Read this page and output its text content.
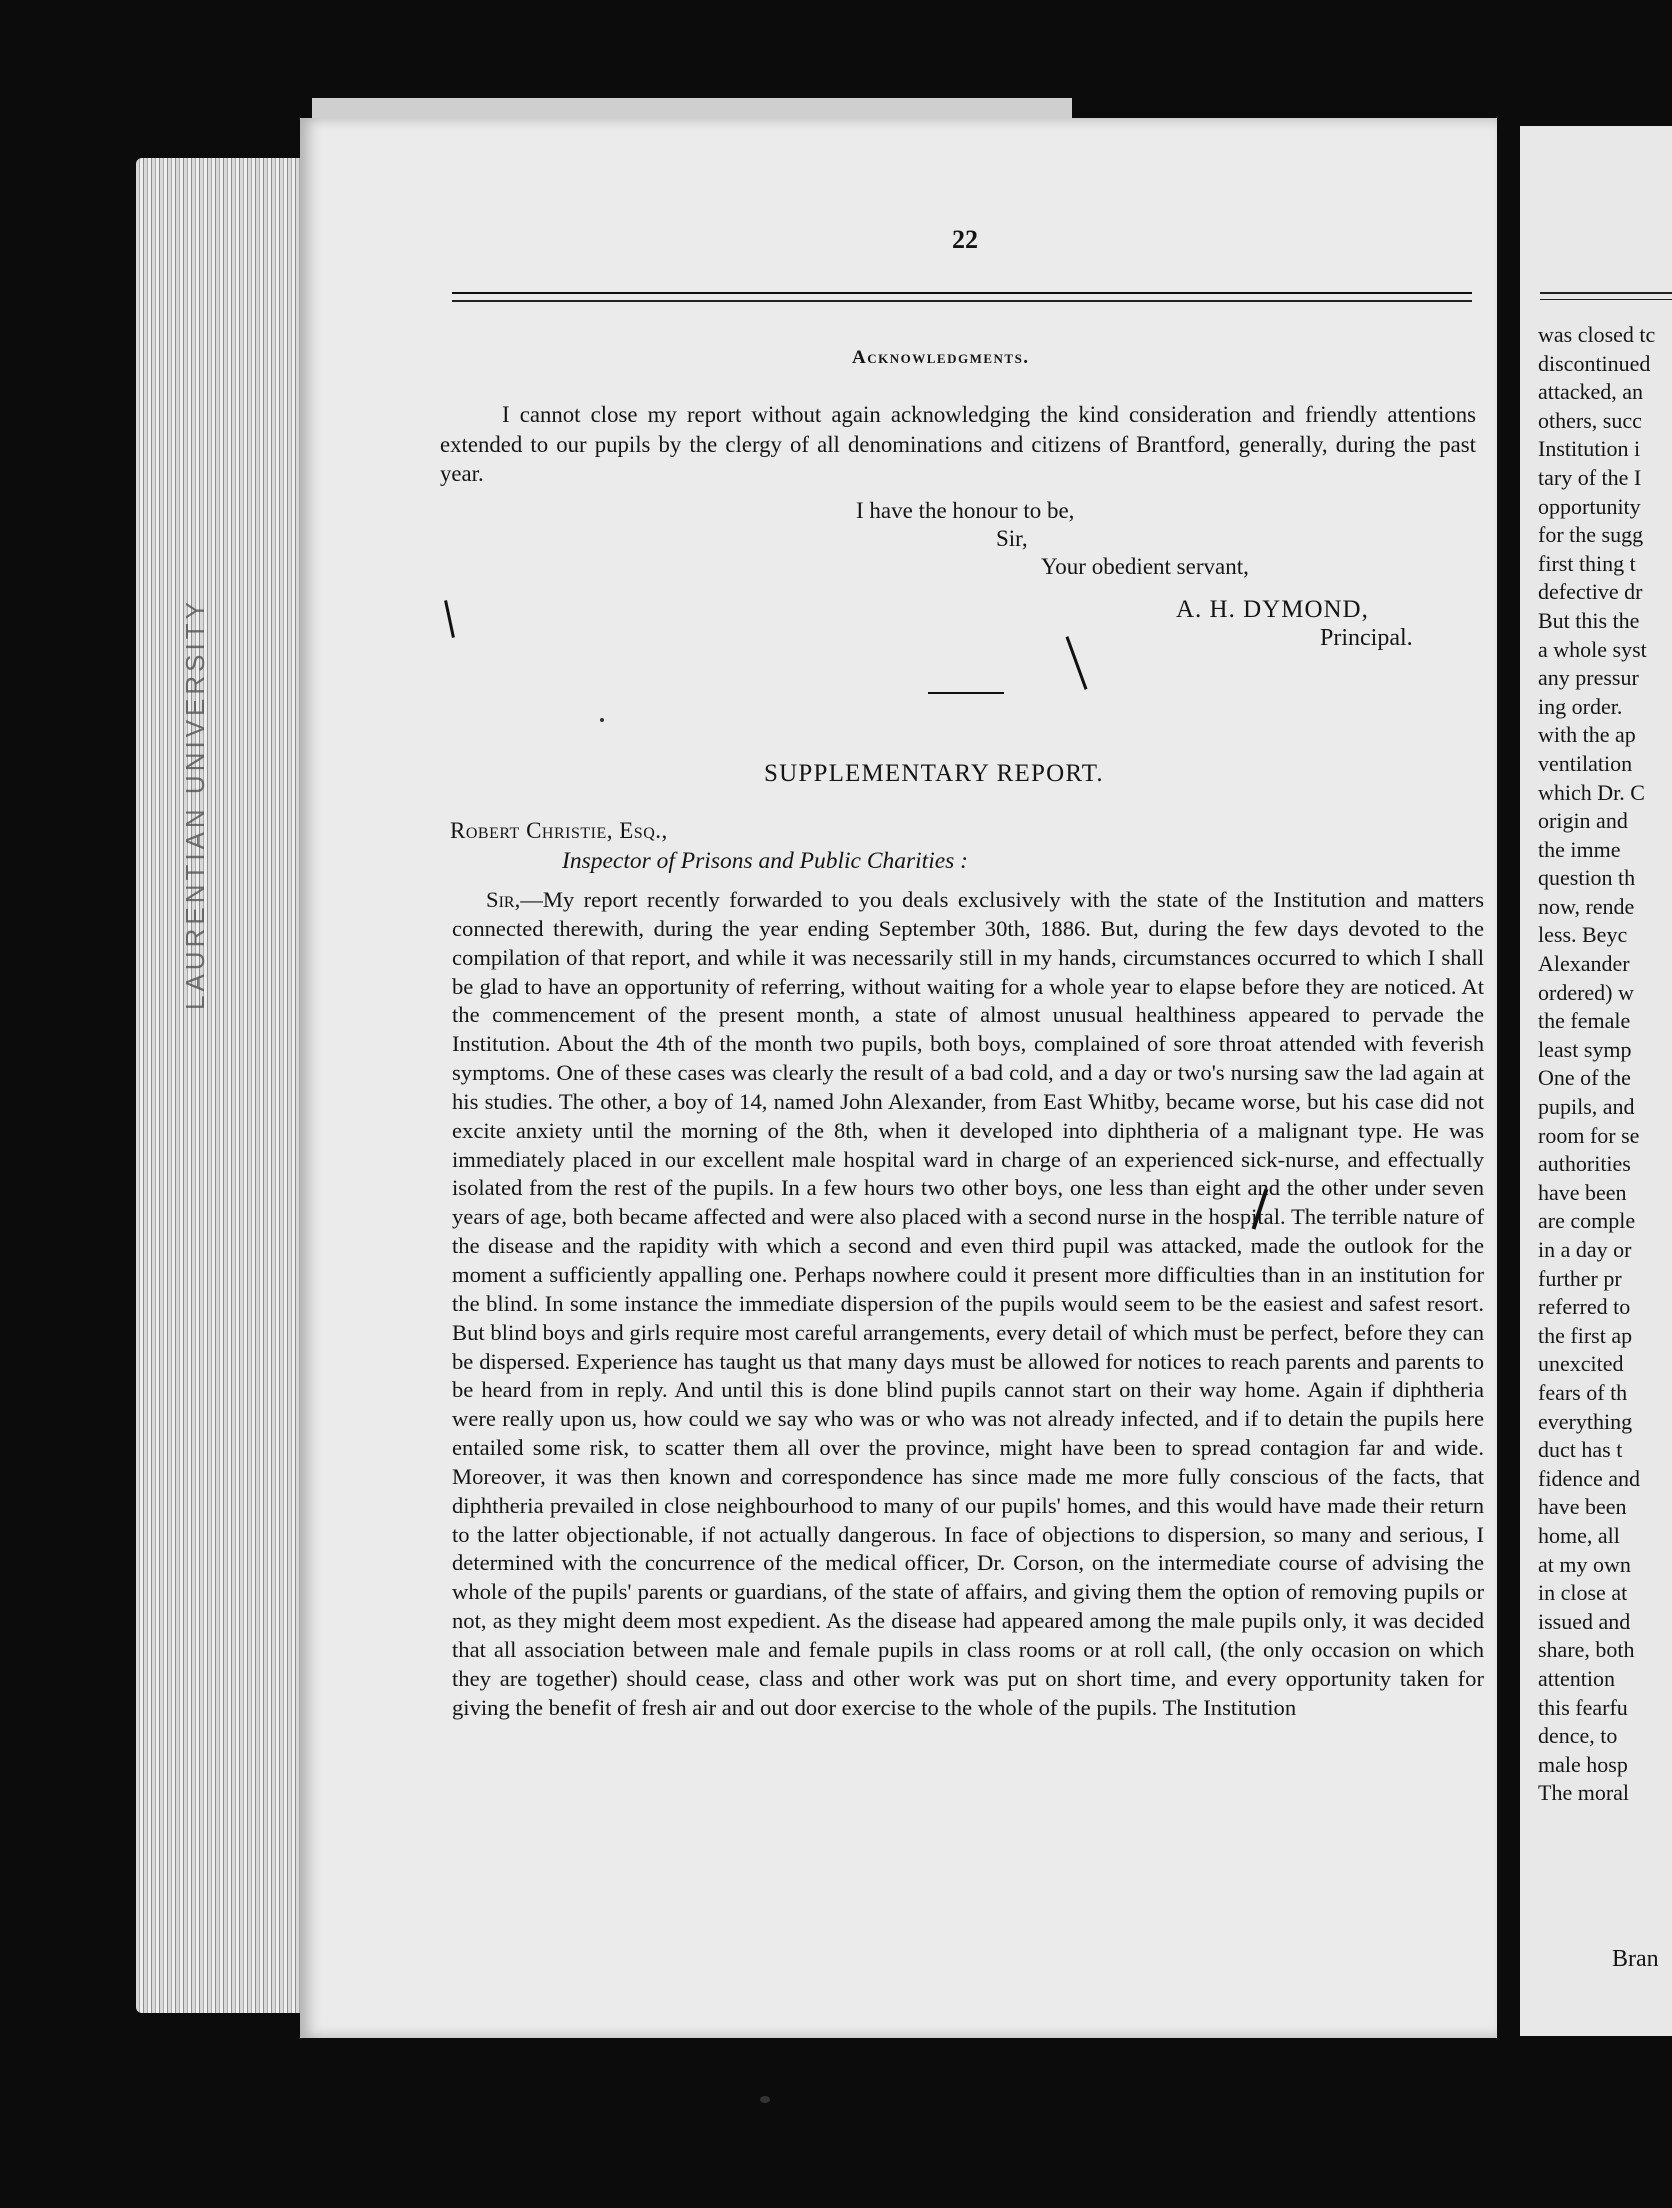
LAURENTIAN UNIVERSITY
22
Acknowledgments.
I cannot close my report without again acknowledging the kind consideration and friendly attentions extended to our pupils by the clergy of all denominations and citizens of Brantford, generally, during the past year.
I have the honour to be,
Sir,
Your obedient servant,
A. H. DYMOND,
Principal.
SUPPLEMENTARY REPORT.
Robert Christie, Esq.,
Inspector of Prisons and Public Charities :
Sir,—My report recently forwarded to you deals exclusively with the state of the Institution and matters connected therewith, during the year ending September 30th, 1886. But, during the few days devoted to the compilation of that report, and while it was necessarily still in my hands, circumstances occurred to which I shall be glad to have an opportunity of referring, without waiting for a whole year to elapse before they are noticed. At the commencement of the present month, a state of almost unusual healthiness appeared to pervade the Institution. About the 4th of the month two pupils, both boys, complained of sore throat attended with feverish symptoms. One of these cases was clearly the result of a bad cold, and a day or two's nursing saw the lad again at his studies. The other, a boy of 14, named John Alexander, from East Whitby, became worse, but his case did not excite anxiety until the morning of the 8th, when it developed into diphtheria of a malignant type. He was immediately placed in our excellent male hospital ward in charge of an experienced sick-nurse, and effectually isolated from the rest of the pupils. In a few hours two other boys, one less than eight and the other under seven years of age, both became affected and were also placed with a second nurse in the hospital. The terrible nature of the disease and the rapidity with which a second and even third pupil was attacked, made the outlook for the moment a sufficiently appalling one. Perhaps nowhere could it present more difficulties than in an institution for the blind. In some instance the immediate dispersion of the pupils would seem to be the easiest and safest resort. But blind boys and girls require most careful arrangements, every detail of which must be perfect, before they can be dispersed. Experience has taught us that many days must be allowed for notices to reach parents and parents to be heard from in reply. And until this is done blind pupils cannot start on their way home. Again if diphtheria were really upon us, how could we say who was or who was not already infected, and if to detain the pupils here entailed some risk, to scatter them all over the province, might have been to spread contagion far and wide. Moreover, it was then known and correspondence has since made me more fully conscious of the facts, that diphtheria prevailed in close neighbourhood to many of our pupils' homes, and this would have made their return to the latter objectionable, if not actually dangerous. In face of objections to dispersion, so many and serious, I determined with the concurrence of the medical officer, Dr. Corson, on the intermediate course of advising the whole of the pupils' parents or guardians, of the state of affairs, and giving them the option of removing pupils or not, as they might deem most expedient. As the disease had appeared among the male pupils only, it was decided that all association between male and female pupils in class rooms or at roll call, (the only occasion on which they are together) should cease, class and other work was put on short time, and every opportunity taken for giving the benefit of fresh air and out door exercise to the whole of the pupils. The Institution
was closed tc
discontinued
attacked, an
others, succ
Institution i
tary of the I
opportunity
for the sugg
first thing t
defective dr
But this the
a whole syst
any pressur
ing order.
with the ap
ventilation
which Dr. C
origin and
the imme
question th
now, rende
less. Beyc
Alexander
ordered) w
the female
least symp
One of the
pupils, and
room for se
authorities
have been
are comple
in a day or
further pr
referred to
the first ap
unexcited
fears of th
everything
duct has t
fidence and
have been
home, all
at my own
in close at
issued and
share, both
attention
this fearfu
dence, to
male hosp
The moral
Bran
